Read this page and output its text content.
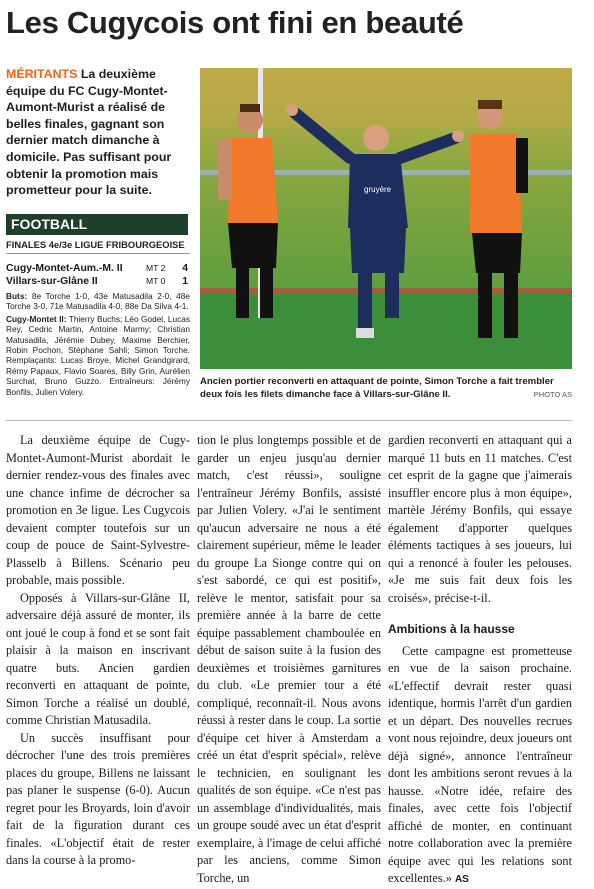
Les Cugycois ont fini en beauté
MÉRITANTS La deuxième équipe du FC Cugy-Montet-Aumont-Murist a réalisé de belles finales, gagnant son dernier match dimanche à domicile. Pas suffisant pour obtenir la promotion mais prometteur pour la suite.	gruyère
Ancien portier reconverti en attaquant de pointe, Simon Torche a fait trembler deux fois les filets dimanche face à Villars-sur-Glâne II.	PHOTO AS
FOOTBALL
FINALES 4e/3e LIGUE FRIBOURGEOISE
Cugy-Montet-Aum.-M. II	MT 2 4
Villars-sur-Glâne II	MT 0 1

Buts: 8e Torche 1-0, 43e Matusadila 2-0, 48e Torche 3-0, 71e Matusadila 4-0, 88e Da Silva 4-1.

Cugy-Montet II: Thierry Buchs; Léo Godel, Lucas Rey, Cedric Martin, Antoine Marmy; Christian Matusadila, Jérémie Dubey, Maxime Berchier, Robin Pochon, Stéphane Sahli; Simon Torche. Remplaçants: Lucas Broye, Michel Grandgirard, Rémy Papaux, Flavio Soares, Billy Grin, Aurélien Surchat, Bruno Guzzo. Entraîneurs: Jérémy Bonfils, Julien Volery.

La deuxième équipe de Cugy-Montet-Aumont-Murist abordait le dernier rendez-vous des finales avec une chance infime de décrocher sa promotion en 3e ligue. Les Cugycois devaient compter toutefois sur un coup de pouce de Saint-Sylvestre-Plasselb à Billens. Scénario peu probable, mais possible.

Opposés à Villars-sur-Glâne II, adversaire déjà assuré de monter, ils ont joué le coup à fond et se sont fait plaisir à la maison en inscrivant quatre buts. Ancien gardien reconverti en attaquant de pointe, Simon Torche a réalisé un doublé, comme Christian Matusadila.

Un succès insuffisant pour décrocher l'une des trois premières places du groupe, Billens ne laissant pas planer le suspense (6-0). Aucun regret pour les Broyards, loin d'avoir fait de la figuration durant ces finales. «L'objectif était de rester dans la course à la promo-

tion le plus longtemps possible et de garder un enjeu jusqu'au dernier match, c'est réussi», souligne l'entraîneur Jérémy Bonfils, assisté par Julien Volery. «J'ai le sentiment qu'aucun adversaire ne nous a été clairement supérieur, même le leader du groupe La Sionge contre qui on s'est sabordé, ce qui est positif», relève le mentor, satisfait pour sa première année à la barre de cette équipe passablement chamboulée en début de saison suite à la fusion des deuxièmes et troisièmes garnitures du club. «Le premier tour a été compliqué, reconnaît-il. Nous avons réussi à rester dans le coup. La sortie d'équipe cet hiver à Amsterdam a créé un état d'esprit spécial», relève le technicien, en soulignant les qualités de son équipe. «Ce n'est pas un assemblage d'individualités, mais un groupe soudé avec un état d'esprit exemplaire, à l'image de celui affiché par les anciens, comme Simon Torche, un

gardien reconverti en attaquant qui a marqué 11 buts en 11 matches. C'est cet esprit de la gagne que j'aimerais insuffler encore plus à mon équipe», martèle Jérémy Bonfils, qui essaye également d'apporter quelques éléments tactiques à ses joueurs, lui qui a renoncé à fouler les pelouses. «Je me suis fait deux fois les croisés», précise-t-il.

Ambitions à la hausse

Cette campagne est prometteuse en vue de la saison prochaine. «L'effectif devrait rester quasi identique, hormis l'arrêt d'un gardien et un départ. Des nouvelles recrues vont nous rejoindre, deux joueurs ont déjà signé», annonce l'entraîneur dont les ambitions seront revues à la hausse. «Notre idée, refaire des finales, avec cette fois l'objectif affiché de monter, en continuant notre collaboration avec la première équipe avec qui les relations sont excellentes.» AS
